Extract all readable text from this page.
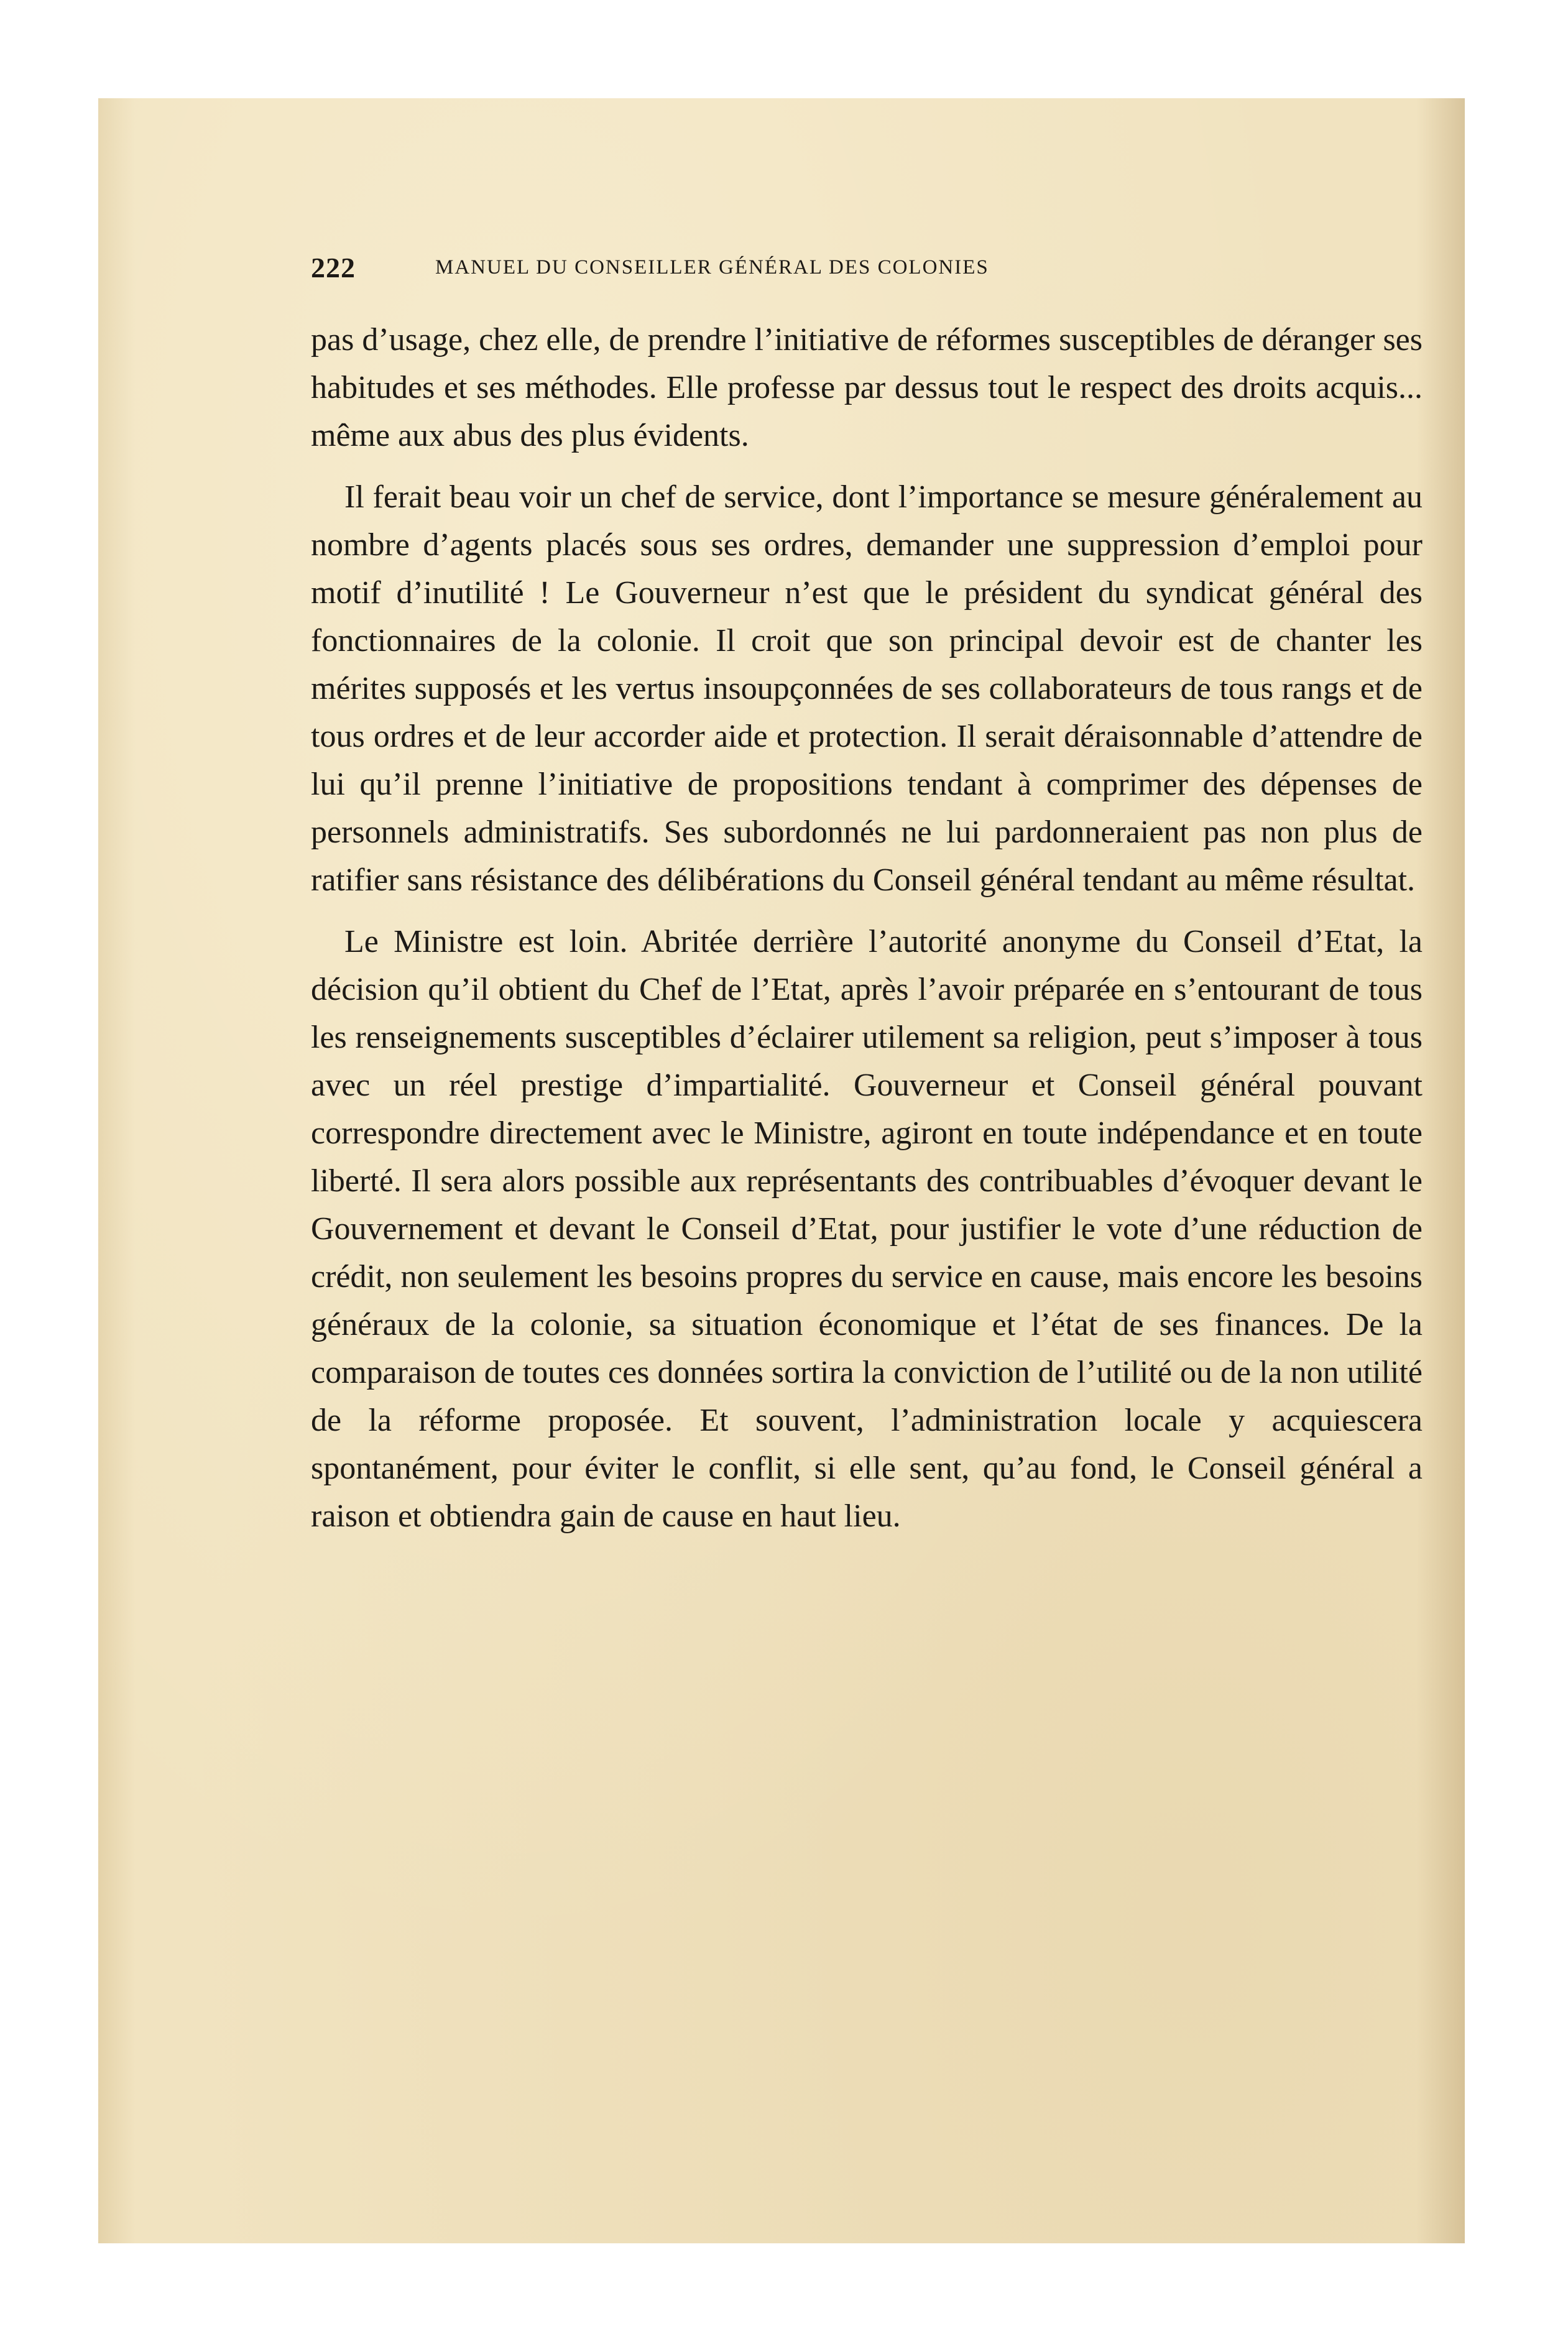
222	MANUEL DU CONSEILLER GÉNÉRAL DES COLONIES

pas d’usage, chez elle, de prendre l’initiative de réformes susceptibles de déranger ses habitudes et ses méthodes. Elle professe par dessus tout le respect des droits acquis... même aux abus des plus évidents.

Il ferait beau voir un chef de service, dont l’importance se mesure généralement au nombre d’agents placés sous ses ordres, demander une suppression d’emploi pour motif d’inutilité ! Le Gouverneur n’est que le président du syndicat général des fonctionnaires de la colonie. Il croit que son principal devoir est de chanter les mérites supposés et les vertus insoupçonnées de ses collaborateurs de tous rangs et de tous ordres et de leur accorder aide et protection. Il serait déraisonnable d’attendre de lui qu’il prenne l’initiative de propositions tendant à comprimer des dépenses de personnels administratifs. Ses subordonnés ne lui pardonneraient pas non plus de ratifier sans résistance des délibérations du Conseil général tendant au même résultat.

Le Ministre est loin. Abritée derrière l’autorité anonyme du Conseil d’Etat, la décision qu’il obtient du Chef de l’Etat, après l’avoir préparée en s’entourant de tous les renseignements susceptibles d’éclairer utilement sa religion, peut s’imposer à tous avec un réel prestige d’impartialité. Gouverneur et Conseil général pouvant correspondre directement avec le Ministre, agiront en toute indépendance et en toute liberté. Il sera alors possible aux représentants des contribuables d’évoquer devant le Gouvernement et devant le Conseil d’Etat, pour justifier le vote d’une réduction de crédit, non seulement les besoins propres du service en cause, mais encore les besoins généraux de la colonie, sa situation économique et l’état de ses finances. De la comparaison de toutes ces données sortira la conviction de l’utilité ou de la non utilité de la réforme proposée. Et souvent, l’administration locale y acquiescera spontanément, pour éviter le conflit, si elle sent, qu’au fond, le Conseil général a raison et obtiendra gain de cause en haut lieu.
